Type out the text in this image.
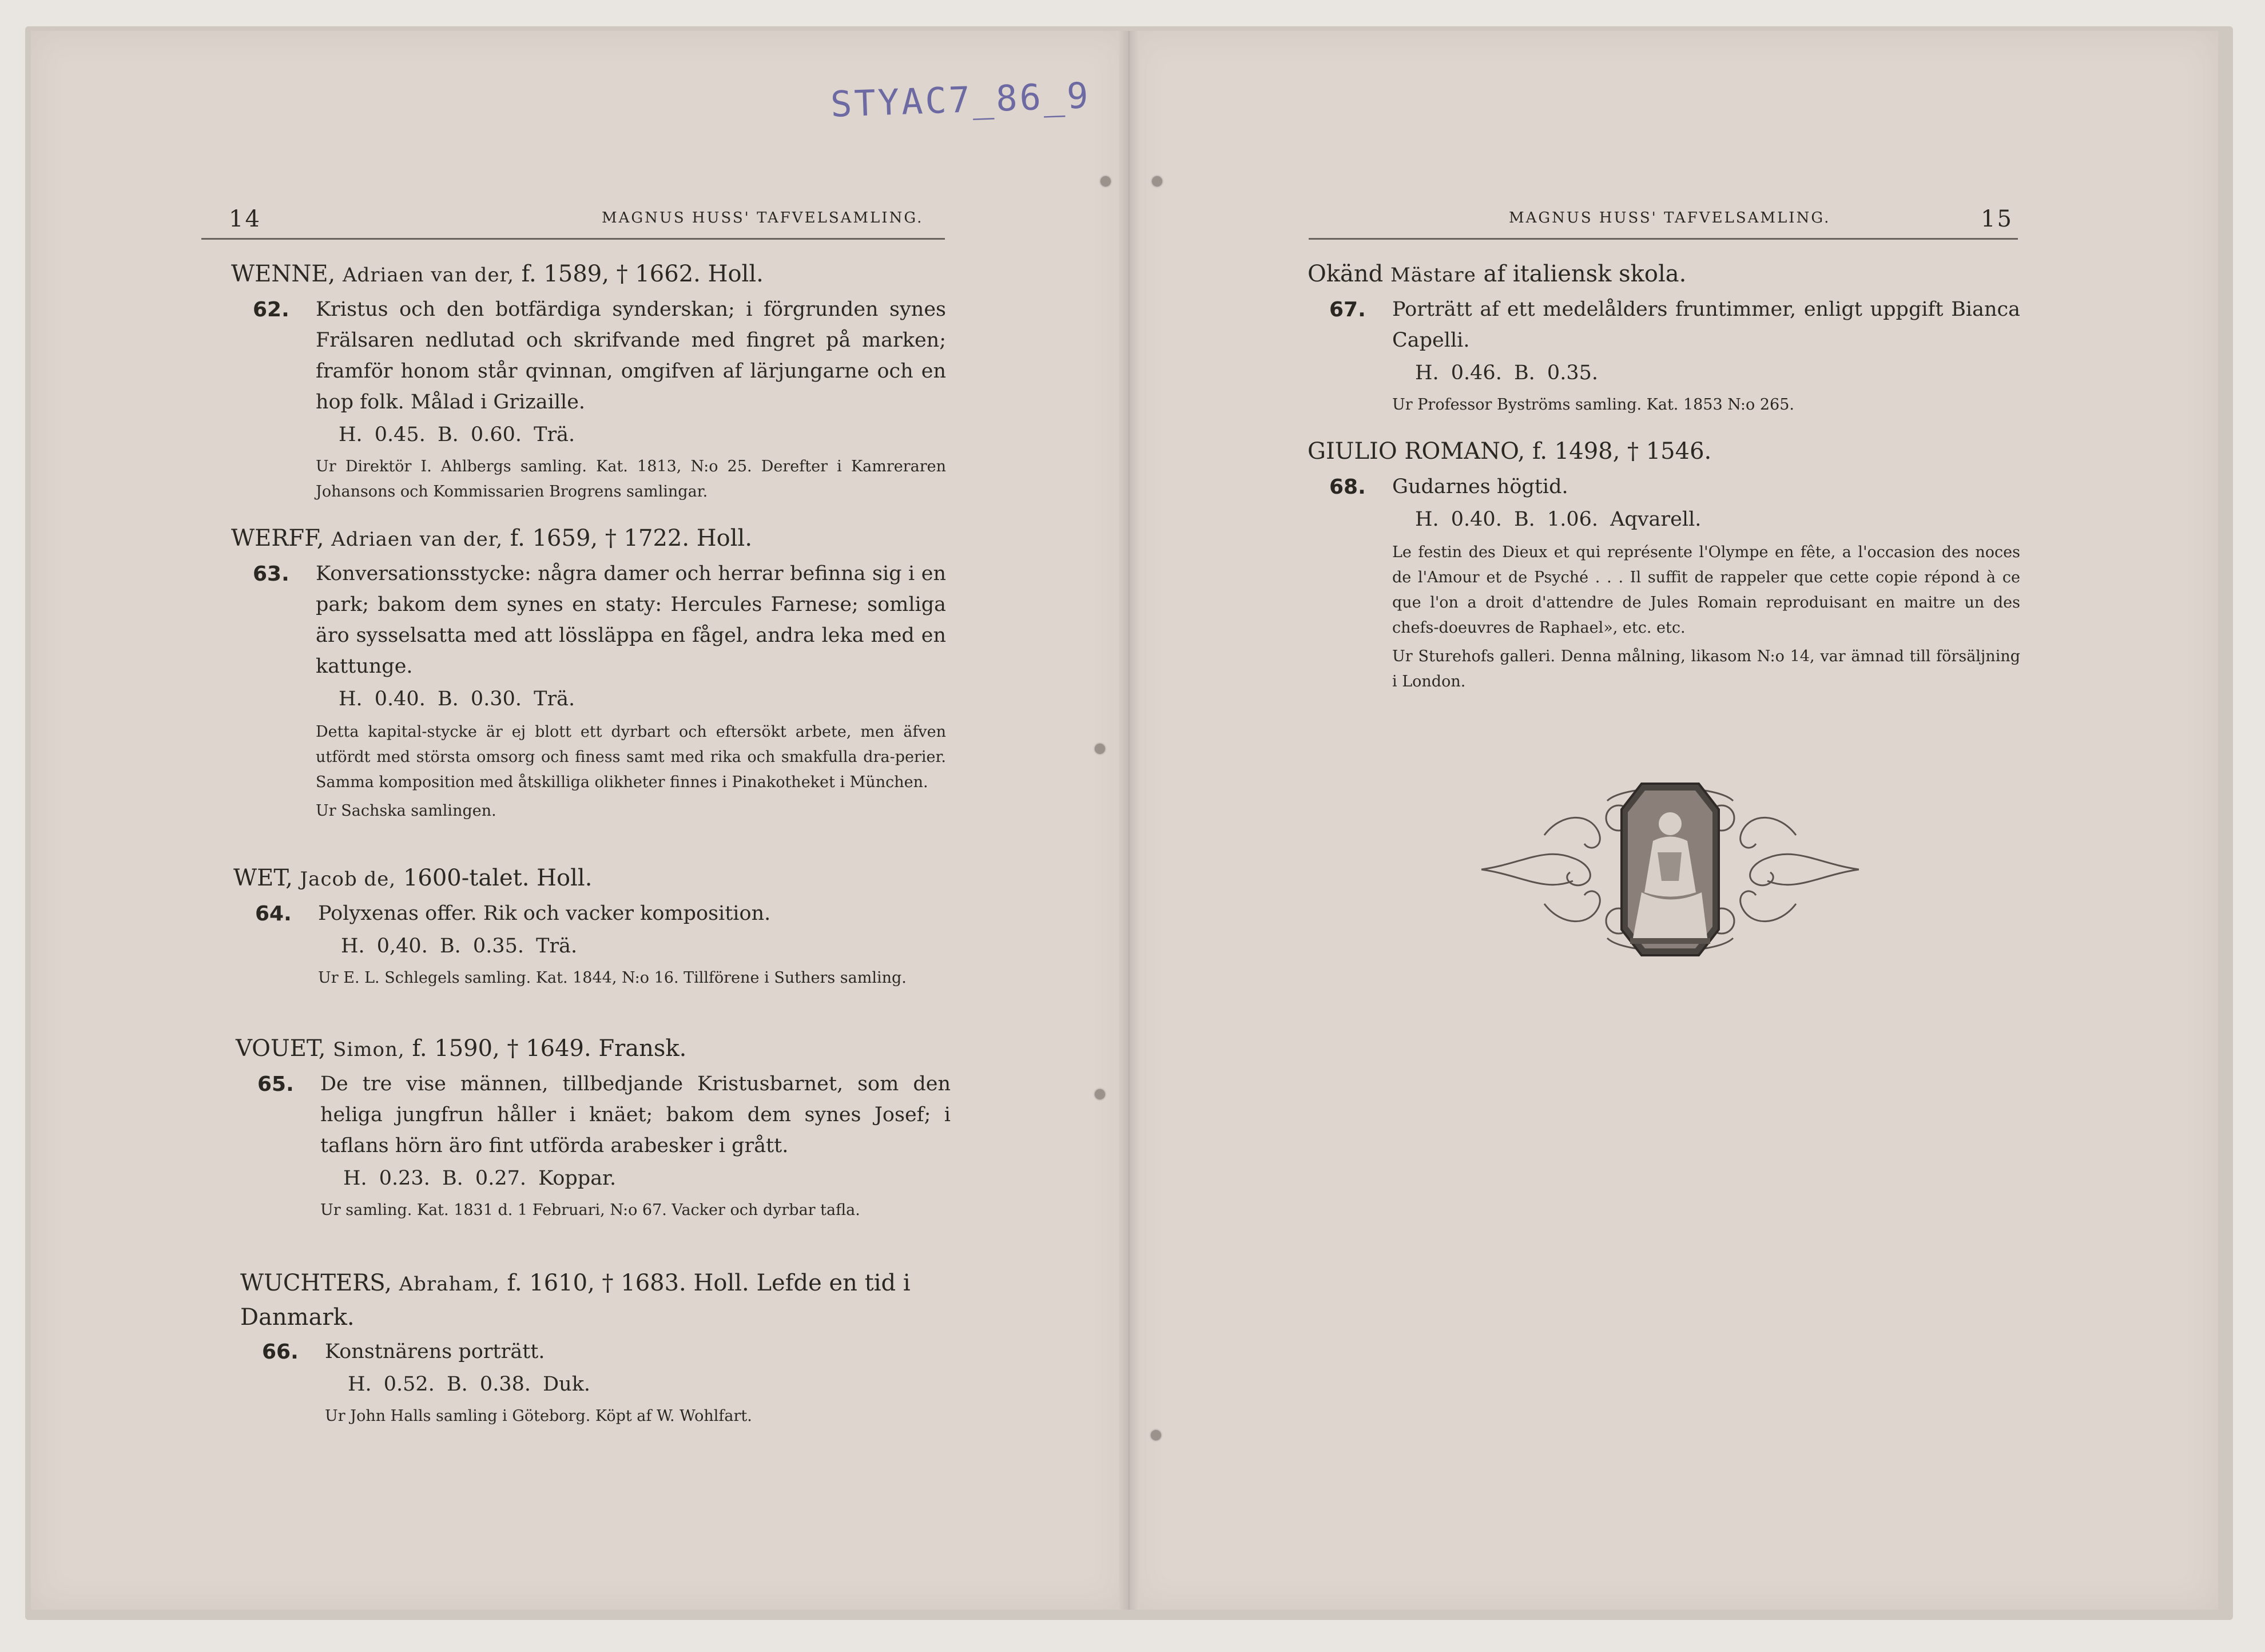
STYAC7_86_9
14	MAGNUS HUSS' TAFVELSAMLING.
WENNE, Adriaen van der, f. 1589, † 1662. Holl.
62.	Kristus och den botfärdiga synderskan; i förgrunden synes Frälsaren nedlutad och skrifvande med fingret på marken; framför honom står qvinnan, omgifven af lärjungarne och en hop folk. Målad i Grizaille.
H. 0.45. B. 0.60. Trä.
Ur Direktör I. Ahlbergs samling. Kat. 1813, N:o 25. Derefter i Kamreraren Johansons och Kommissarien Brogrens samlingar.
WERFF, Adriaen van der, f. 1659, † 1722. Holl.
63.	Konversationsstycke: några damer och herrar befinna sig i en park; bakom dem synes en staty: Hercules Farnese; somliga äro sysselsatta med att lössläppa en fågel, andra leka med en kattunge.
H. 0.40. B. 0.30. Trä.
Detta kapital-stycke är ej blott ett dyrbart och eftersökt arbete, men äfven utfördt med största omsorg och finess samt med rika och smakfulla dra-perier. Samma komposition med åtskilliga olikheter finnes i Pinakotheket i München.
Ur Sachska samlingen.
WET, Jacob de, 1600-talet. Holl.
64.	Polyxenas offer. Rik och vacker komposition.
H. 0,40. B. 0.35. Trä.
Ur E. L. Schlegels samling. Kat. 1844, N:o 16. Tillförene i Suthers samling.
VOUET, Simon, f. 1590, † 1649. Fransk.
65.	De tre vise männen, tillbedjande Kristusbarnet, som den heliga jungfrun håller i knäet; bakom dem synes Josef; i taflans hörn äro fint utförda arabesker i grått.
H. 0.23. B. 0.27. Koppar.
Ur samling. Kat. 1831 d. 1 Februari, N:o 67. Vacker och dyrbar tafla.
WUCHTERS, Abraham, f. 1610, † 1683. Holl. Lefde en tid i Danmark.
66.	Konstnärens porträtt.
H. 0.52. B. 0.38. Duk.
Ur John Halls samling i Göteborg. Köpt af W. Wohlfart.
MAGNUS HUSS' TAFVELSAMLING.	15
Okänd Mästare af italiensk skola.
67.	Porträtt af ett medelålders fruntimmer, enligt uppgift Bianca Capelli.
H. 0.46. B. 0.35.
Ur Professor Byströms samling. Kat. 1853 N:o 265.
GIULIO ROMANO, f. 1498, † 1546.
68.	Gudarnes högtid.
H. 0.40. B. 1.06. Aqvarell.
Le festin des Dieux et qui représente l'Olympe en fête, a l'occasion des noces de l'Amour et de Psyché . . . Il suffit de rappeler que cette copie répond à ce que l'on a droit d'attendre de Jules Romain reproduisant en maitre un des chefs-doeuvres de Raphael», etc. etc.
Ur Sturehofs galleri. Denna målning, likasom N:o 14, var ämnad till försäljning i London.
